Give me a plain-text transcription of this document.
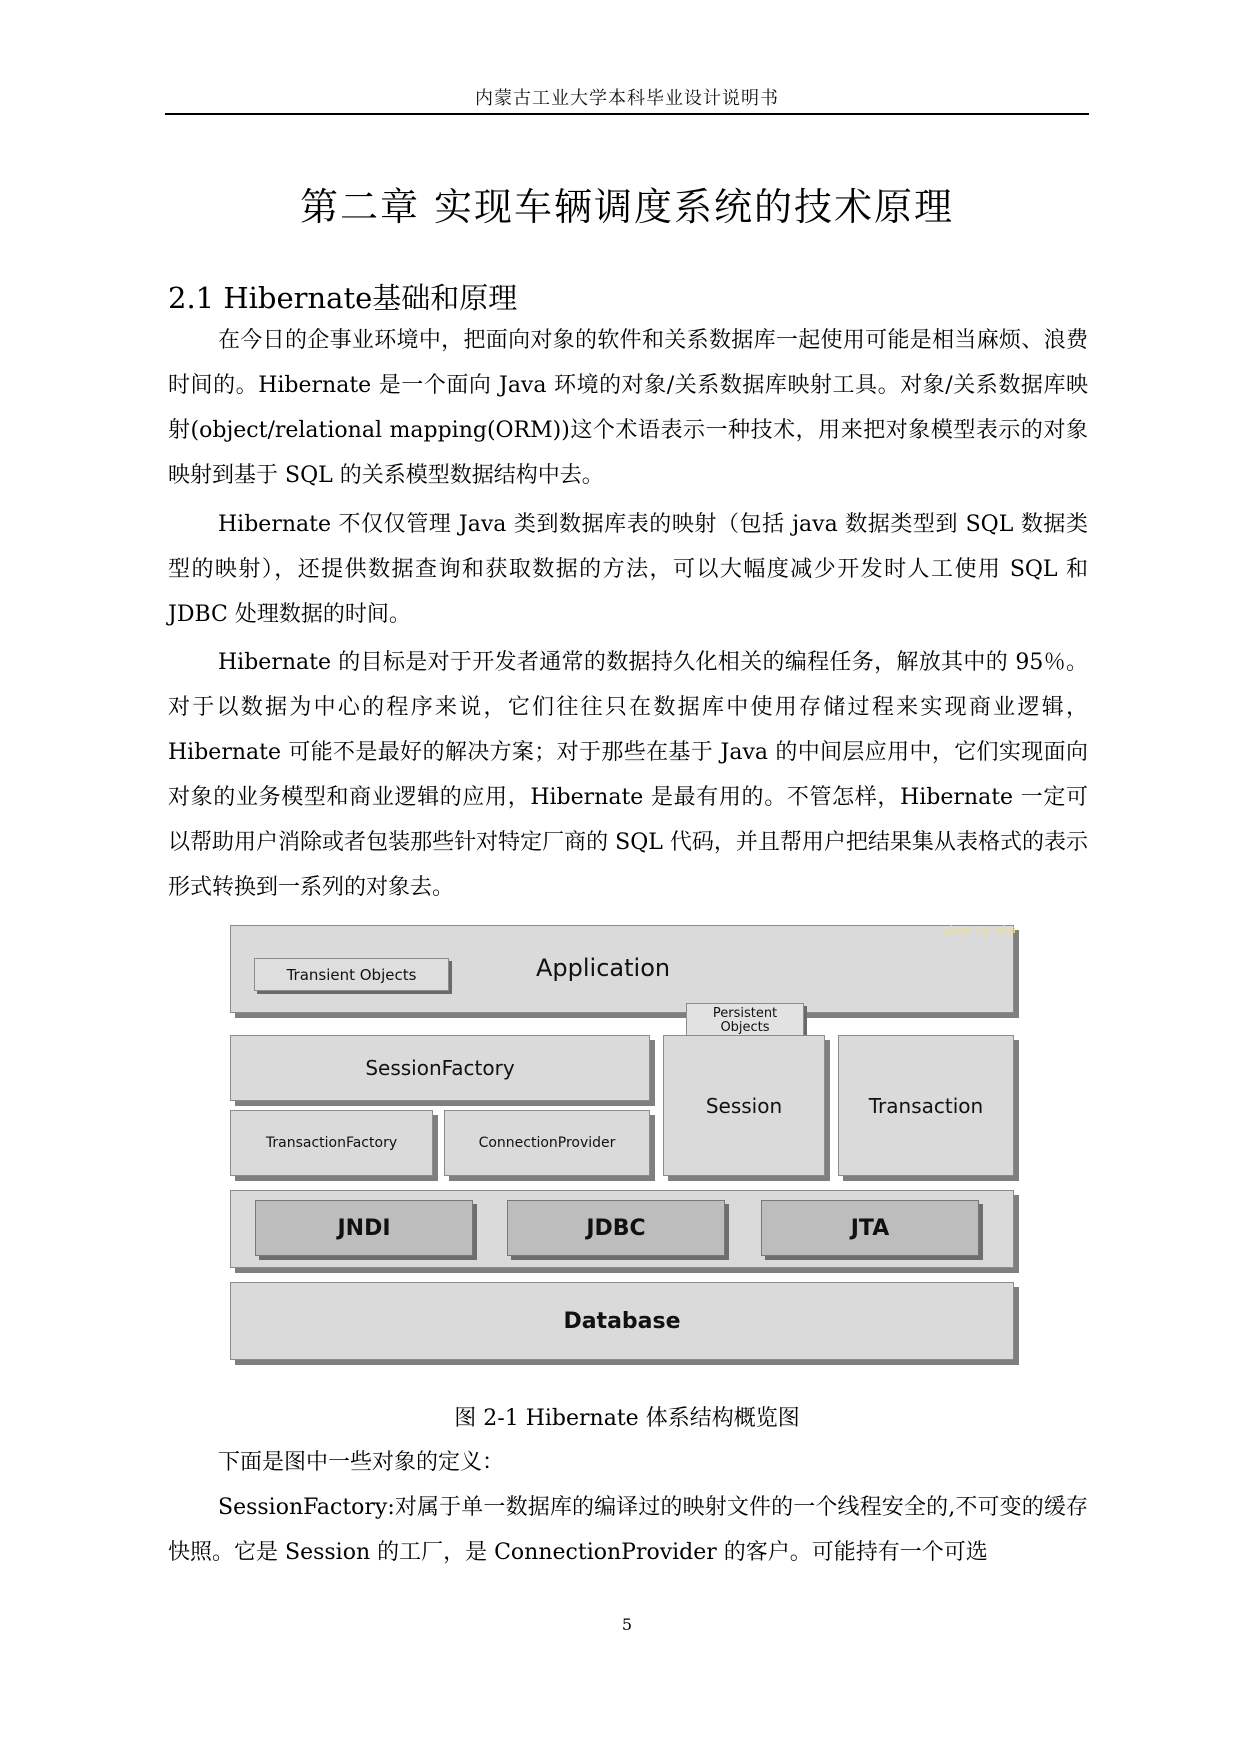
内蒙古工业大学本科毕业设计说明书
第二章 实现车辆调度系统的技术原理
2.1 Hibernate基础和原理

在今日的企事业环境中，把面向对象的软件和关系数据库一起使用可能是相当麻烦、浪费时间的。Hibernate 是一个面向 Java 环境的对象/关系数据库映射工具。对象/关系数据库映射(object/relational mapping(ORM))这个术语表示一种技术，用来把对象模型表示的对象映射到基于 SQL 的关系模型数据结构中去。

Hibernate 不仅仅管理 Java 类到数据库表的映射（包括 java 数据类型到 SQL 数据类型的映射），还提供数据查询和获取数据的方法，可以大幅度减少开发时人工使用 SQL 和 JDBC 处理数据的时间。

Hibernate 的目标是对于开发者通常的数据持久化相关的编程任务，解放其中的 95％。对于以数据为中心的程序来说，它们往往只在数据库中使用存储过程来实现商业逻辑，Hibernate 可能不是最好的解决方案；对于那些在基于 Java 的中间层应用中，它们实现面向对象的业务模型和商业逻辑的应用，Hibernate 是最有用的。不管怎样，Hibernate 一定可以帮助用户消除或者包装那些针对特定厂商的 SQL 代码，并且帮用户把结果集从表格式的表示形式转换到一系列的对象去。

Application
Transient Objects
Persistent Objects
SessionFactory
TransactionFactory	ConnectionProvider
Session	Transaction
JNDI	JDBC	JTA
Database
zhou_ma_wha
图 2-1 Hibernate 体系结构概览图

下面是图中一些对象的定义：

SessionFactory:对属于单一数据库的编译过的映射文件的一个线程安全的,不可变的缓存快照。它是 Session 的工厂，是 ConnectionProvider 的客户。可能持有一个可选

5
